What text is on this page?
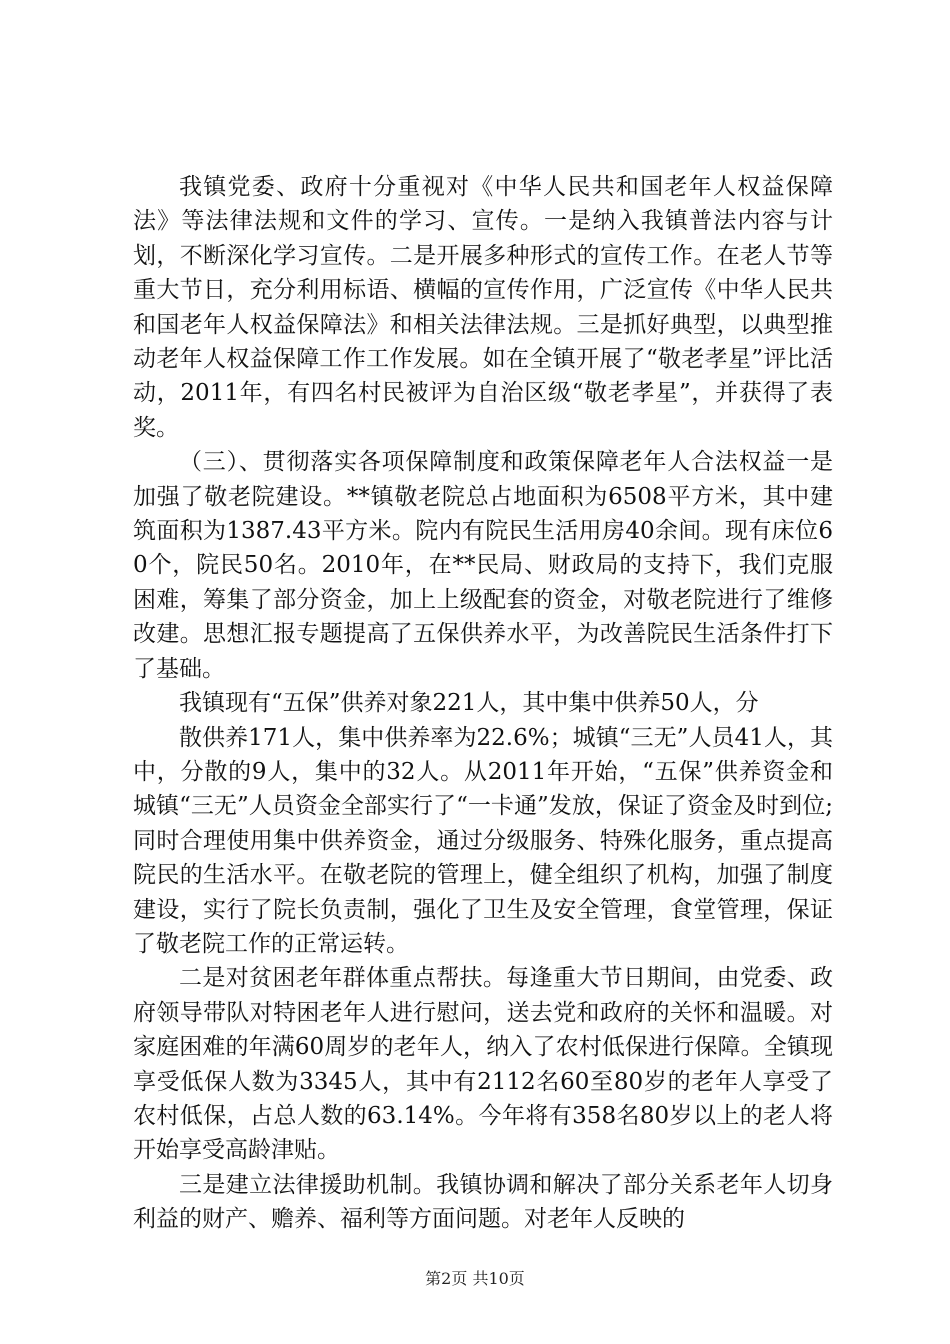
我镇党委、政府十分重视对《中华人民共和国老年人权益保障法》等法律法规和文件的学习、宣传。一是纳入我镇普法内容与计划，不断深化学习宣传。二是开展多种形式的宣传工作。在老人节等重大节日，充分利用标语、横幅的宣传作用，广泛宣传《中华人民共和国老年人权益保障法》和相关法律法规。三是抓好典型，以典型推动老年人权益保障工作工作发展。如在全镇开展了“敬老孝星”评比活动，2011年，有四名村民被评为自治区级“敬老孝星”，并获得了表奖。

（三）、贯彻落实各项保障制度和政策保障老年人合法权益一是加强了敬老院建设。**镇敬老院总占地面积为6508平方米，其中建筑面积为1387.43平方米。院内有院民生活用房40余间。现有床位60个，院民50名。2010年，在**民局、财政局的支持下，我们克服困难，筹集了部分资金，加上上级配套的资金，对敬老院进行了维修改建。思想汇报专题提高了五保供养水平，为改善院民生活条件打下了基础。

我镇现有“五保”供养对象221人，其中集中供养50人，分

散供养171人，集中供养率为22.6%；城镇“三无”人员41人，其中，分散的9人，集中的32人。从2011年开始，“五保”供养资金和城镇“三无”人员资金全部实行了“一卡通”发放，保证了资金及时到位;同时合理使用集中供养资金，通过分级服务、特殊化服务，重点提高院民的生活水平。在敬老院的管理上，健全组织了机构，加强了制度建设，实行了院长负责制，强化了卫生及安全管理，食堂管理，保证了敬老院工作的正常运转。

二是对贫困老年群体重点帮扶。每逢重大节日期间，由党委、政府领导带队对特困老年人进行慰问，送去党和政府的关怀和温暖。对家庭困难的年满60周岁的老年人，纳入了农村低保进行保障。全镇现享受低保人数为3345人，其中有2112名60至80岁的老年人享受了农村低保，占总人数的63.14%。今年将有358名80岁以上的老人将开始享受高龄津贴。

三是建立法律援助机制。我镇协调和解决了部分关系老年人切身利益的财产、赡养、福利等方面问题。对老年人反映的

第2页 共10页
